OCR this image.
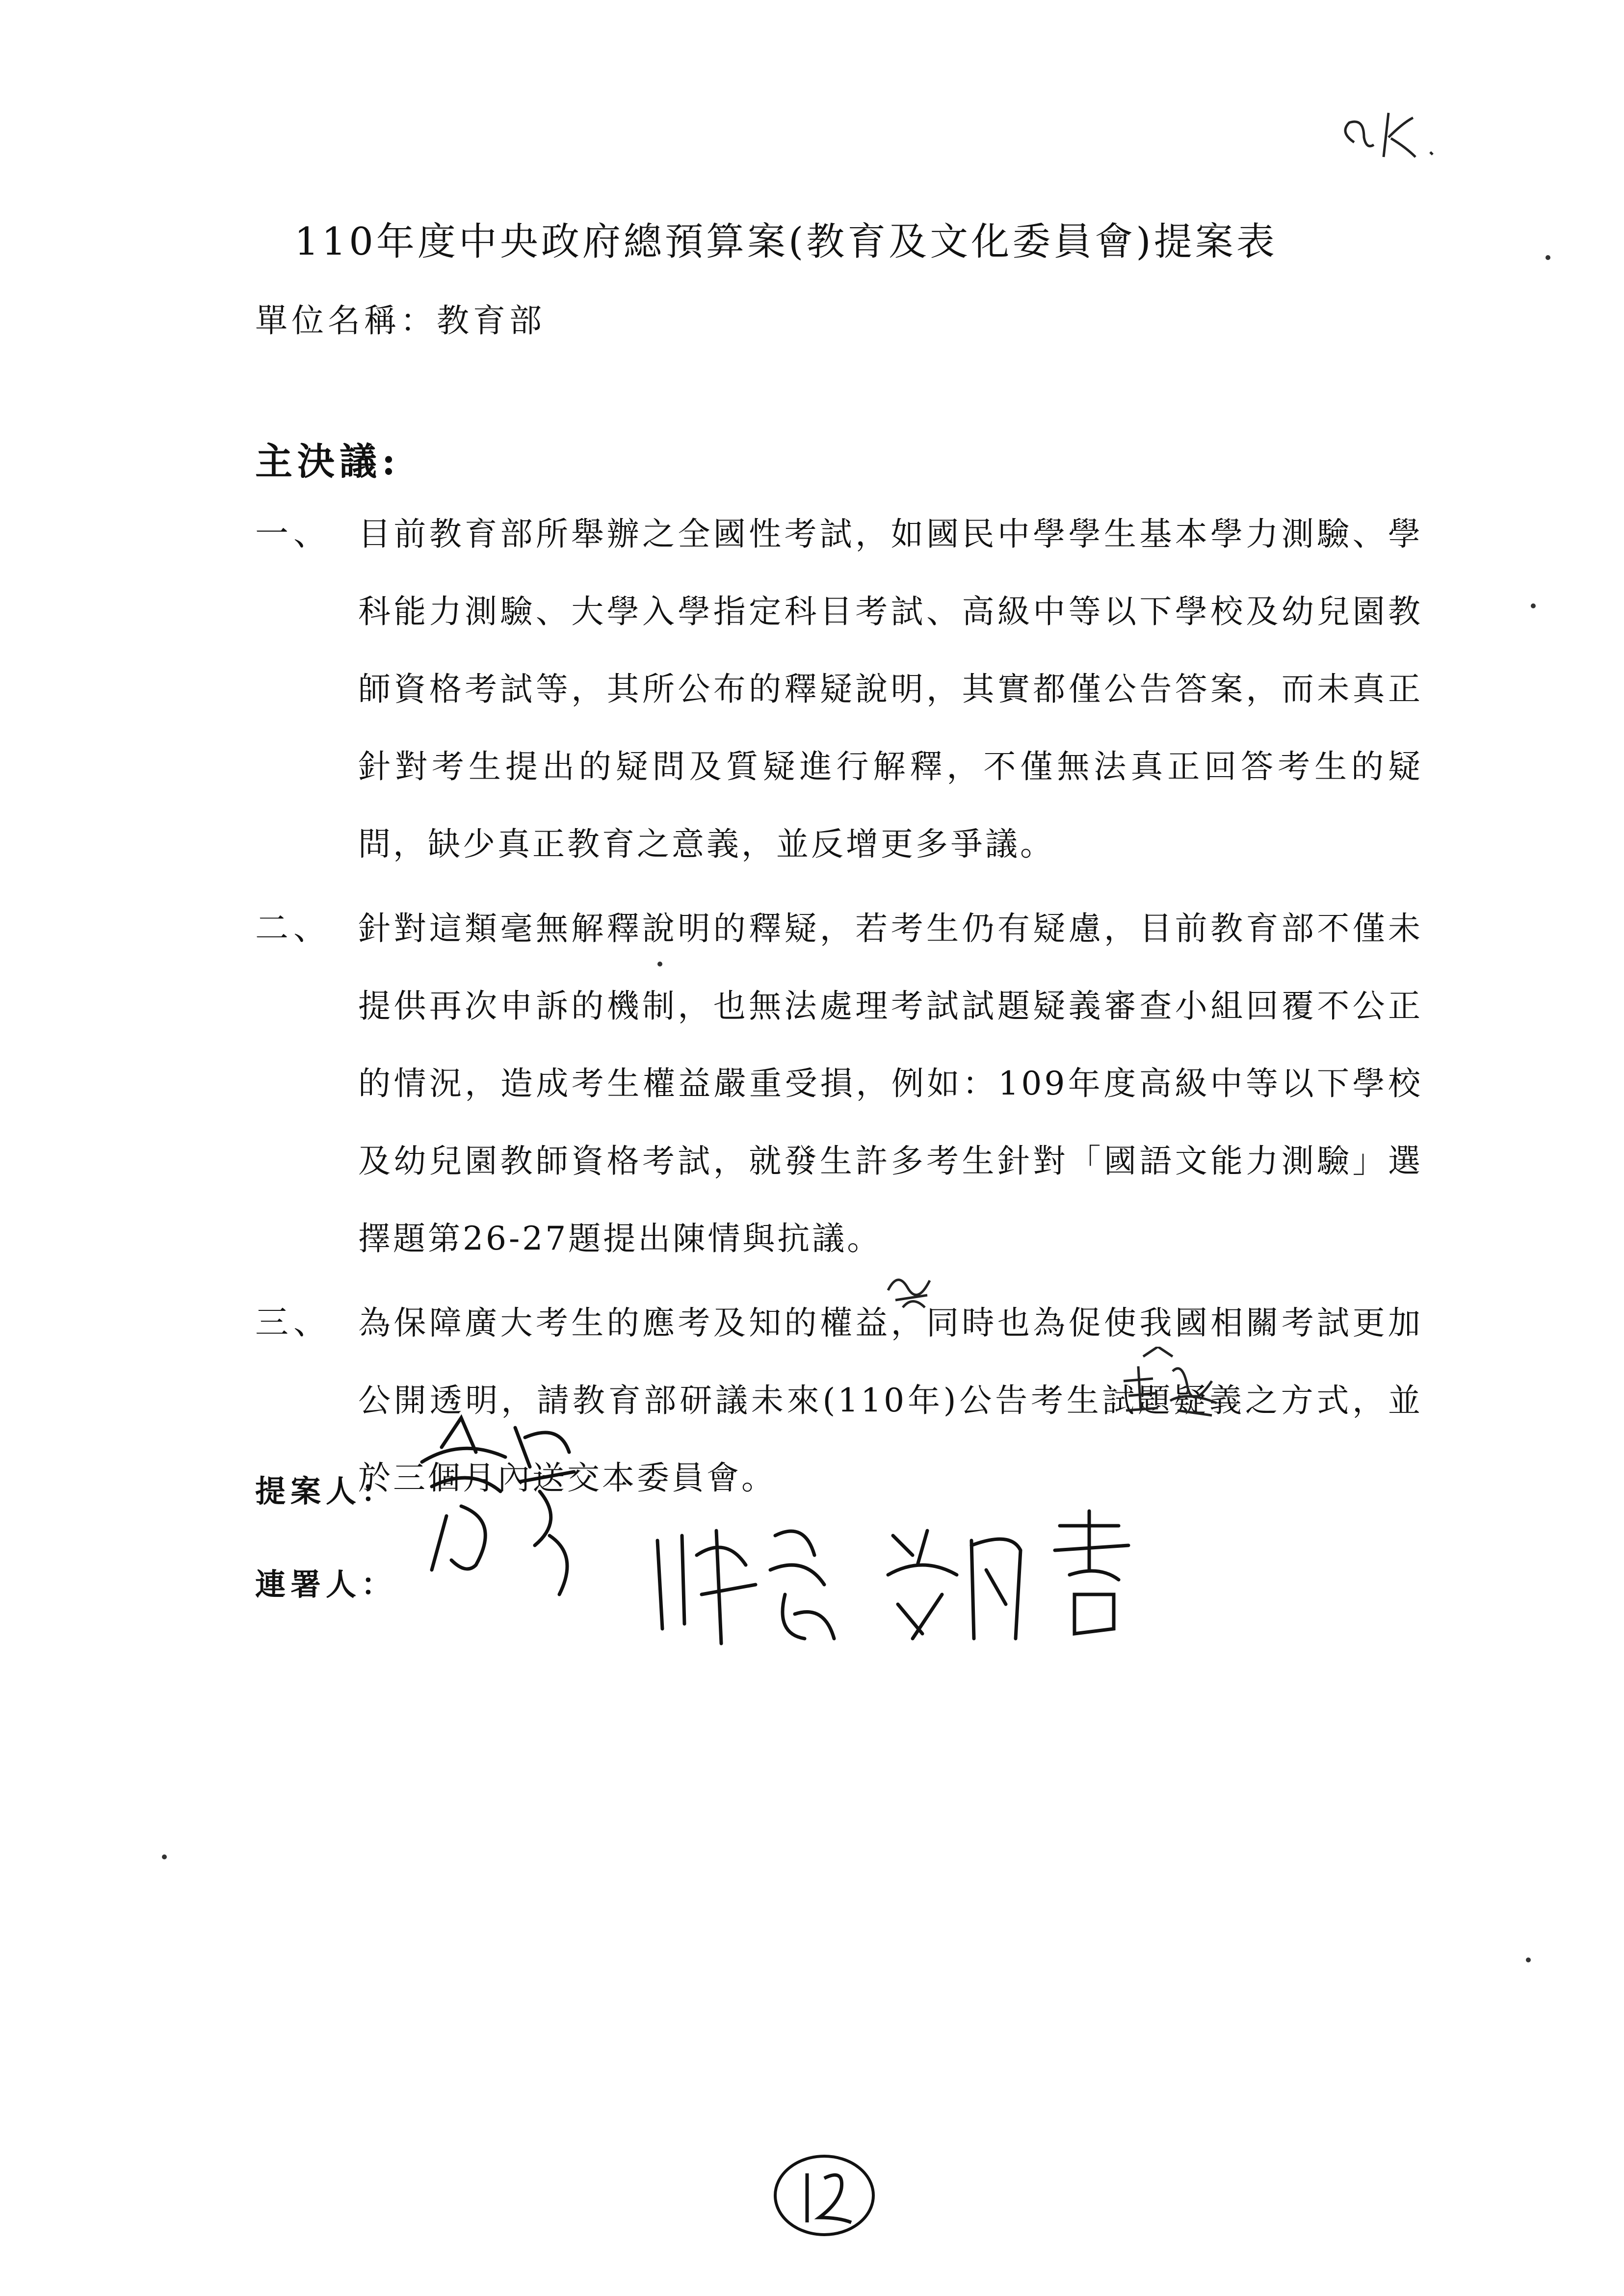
110年度中央政府總預算案(教育及文化委員會)提案表
單位名稱：教育部
主決議:
一、 目前教育部所舉辦之全國性考試，如國民中學學生基本學力測驗、學科能力測驗、大學入學指定科目考試、高級中等以下學校及幼兒園教師資格考試等，其所公布的釋疑說明，其實都僅公告答案，而未真正針對考生提出的疑問及質疑進行解釋，不僅無法真正回答考生的疑問，缺少真正教育之意義，並反增更多爭議。
二、 針對這類毫無解釋說明的釋疑，若考生仍有疑慮，目前教育部不僅未提供再次申訴的機制，也無法處理考試試題疑義審查小組回覆不公正的情況，造成考生權益嚴重受損，例如：109年度高級中等以下學校及幼兒園教師資格考試，就發生許多考生針對「國語文能力測驗」選擇題第26-27題提出陳情與抗議。
三、 為保障廣大考生的應考及知的權益，同時也為促使我國相關考試更加公開透明，請教育部研議未來(110年)公告考生試題疑義之方式，並於三個月內送交本委員會。
提案人：
連署人：
